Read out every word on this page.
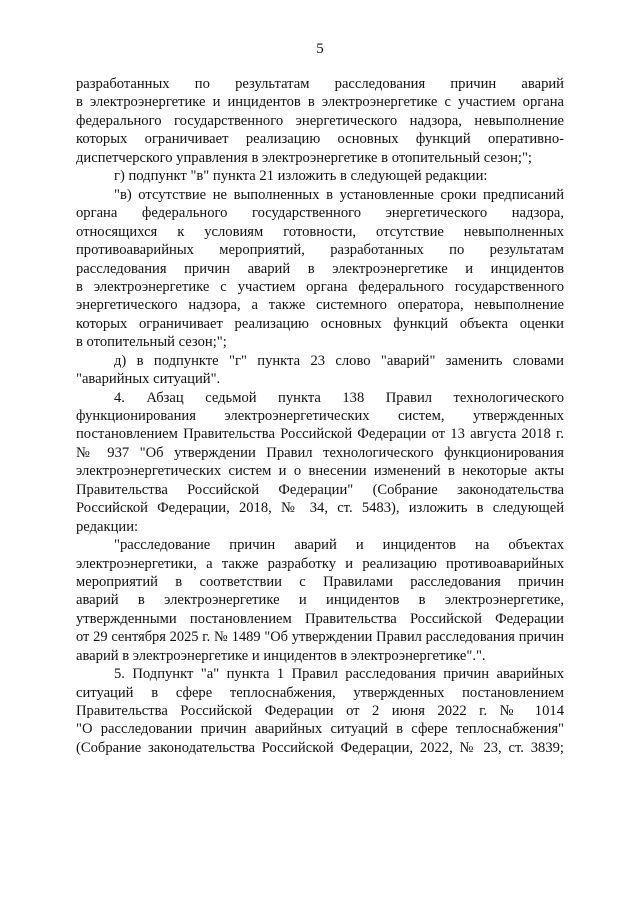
5
разработанных по результатам расследования причин аварий
в электроэнергетике и инцидентов в электроэнергетике с участием органа
федерального государственного энергетического надзора, невыполнение
которых ограничивает реализацию основных функций оперативно-
диспетчерского управления в электроэнергетике в отопительный сезон;";
г) подпункт "в" пункта 21 изложить в следующей редакции:
"в) отсутствие не выполненных в установленные сроки предписаний
органа федерального государственного энергетического надзора,
относящихся к условиям готовности, отсутствие невыполненных
противоаварийных мероприятий, разработанных по результатам
расследования причин аварий в электроэнергетике и инцидентов
в электроэнергетике с участием органа федерального государственного
энергетического надзора, а также системного оператора, невыполнение
которых ограничивает реализацию основных функций объекта оценки
в отопительный сезон;";
д) в подпункте "г" пункта 23 слово "аварий" заменить словами
"аварийных ситуаций".
4. Абзац седьмой пункта 138 Правил технологического
функционирования электроэнергетических систем, утвержденных
постановлением Правительства Российской Федерации от 13 августа 2018 г.
№ 937 "Об утверждении Правил технологического функционирования
электроэнергетических систем и о внесении изменений в некоторые акты
Правительства Российской Федерации" (Собрание законодательства
Российской Федерации, 2018, № 34, ст. 5483), изложить в следующей
редакции:
"расследование причин аварий и инцидентов на объектах
электроэнергетики, а также разработку и реализацию противоаварийных
мероприятий в соответствии с Правилами расследования причин
аварий в электроэнергетике и инцидентов в электроэнергетике,
утвержденными постановлением Правительства Российской Федерации
от 29 сентября 2025 г. № 1489 "Об утверждении Правил расследования причин
аварий в электроэнергетике и инцидентов в электроэнергетике".".
5. Подпункт "а" пункта 1 Правил расследования причин аварийных
ситуаций в сфере теплоснабжения, утвержденных постановлением
Правительства Российской Федерации от 2 июня 2022 г. № 1014
"О расследовании причин аварийных ситуаций в сфере теплоснабжения"
(Собрание законодательства Российской Федерации, 2022, № 23, ст. 3839;
